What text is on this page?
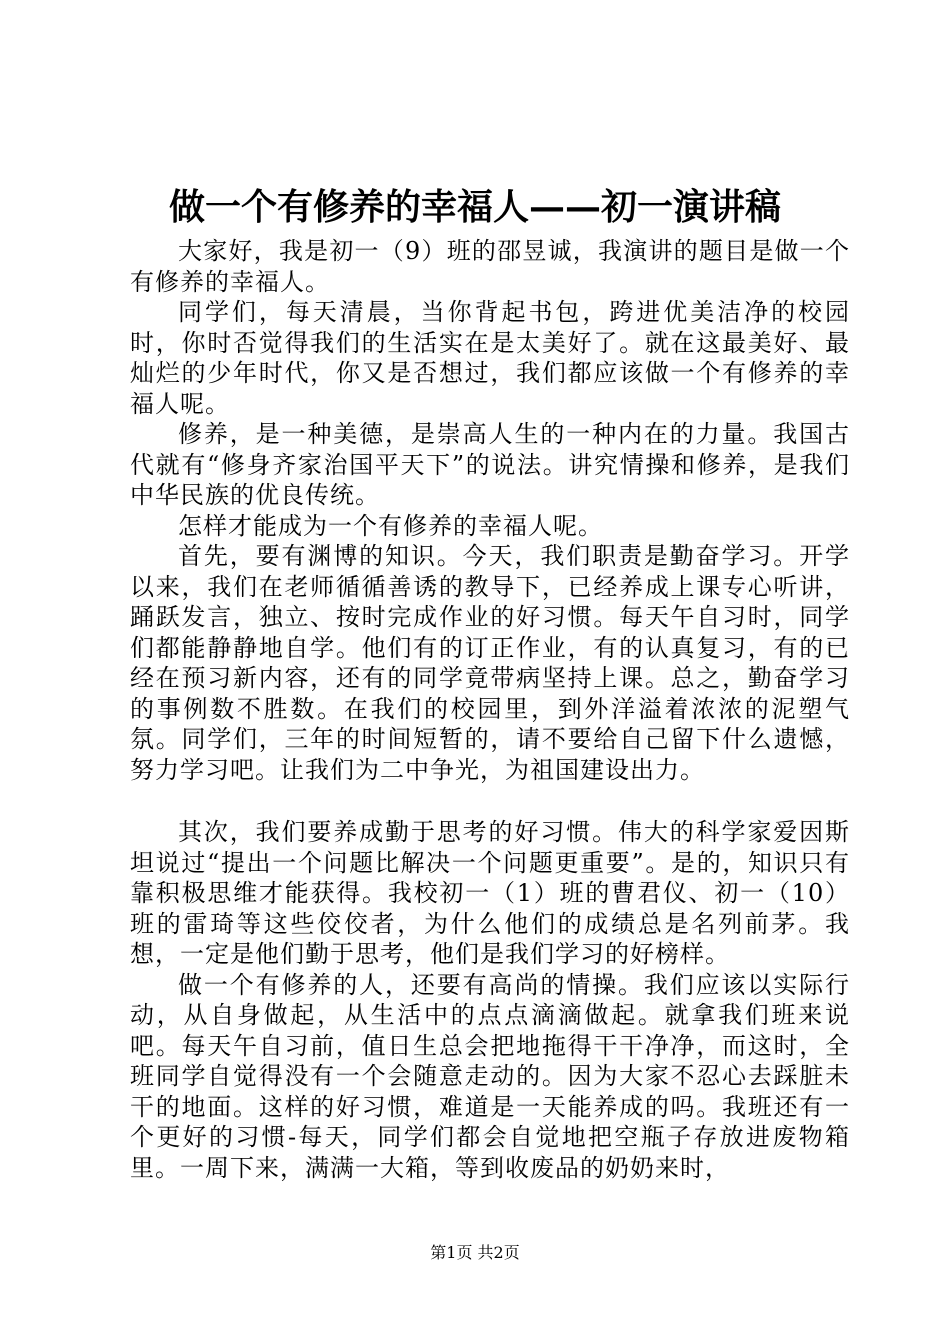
做一个有修养的幸福人——初一演讲稿

大家好，我是初一（9）班的邵昱诚，我演讲的题目是做一个有修养的幸福人。

同学们，每天清晨，当你背起书包，跨进优美洁净的校园时，你时否觉得我们的生活实在是太美好了。就在这最美好、最灿烂的少年时代，你又是否想过，我们都应该做一个有修养的幸福人呢。

修养，是一种美德，是崇高人生的一种内在的力量。我国古代就有“修身齐家治国平天下”的说法。讲究情操和修养，是我们中华民族的优良传统。

怎样才能成为一个有修养的幸福人呢。

首先，要有渊博的知识。今天，我们职责是勤奋学习。开学以来，我们在老师循循善诱的教导下，已经养成上课专心听讲，踊跃发言，独立、按时完成作业的好习惯。每天午自习时，同学们都能静静地自学。他们有的订正作业，有的认真复习，有的已经在预习新内容，还有的同学竟带病坚持上课。总之，勤奋学习的事例数不胜数。在我们的校园里，到外洋溢着浓浓的泥塑气氛。同学们，三年的时间短暂的，请不要给自己留下什么遗憾，努力学习吧。让我们为二中争光，为祖国建设出力。

其次，我们要养成勤于思考的好习惯。伟大的科学家爱因斯坦说过“提出一个问题比解决一个问题更重要”。是的，知识只有靠积极思维才能获得。我校初一（1）班的曹君仪、初一（10）班的雷琦等这些佼佼者，为什么他们的成绩总是名列前茅。我想，一定是他们勤于思考，他们是我们学习的好榜样。

做一个有修养的人，还要有高尚的情操。我们应该以实际行动，从自身做起，从生活中的点点滴滴做起。就拿我们班来说吧。每天午自习前，值日生总会把地拖得干干净净，而这时，全班同学自觉得没有一个会随意走动的。因为大家不忍心去踩脏未干的地面。这样的好习惯，难道是一天能养成的吗。我班还有一个更好的习惯-每天，同学们都会自觉地把空瓶子存放进废物箱里。一周下来，满满一大箱，等到收废品的奶奶来时，

第1页 共2页
